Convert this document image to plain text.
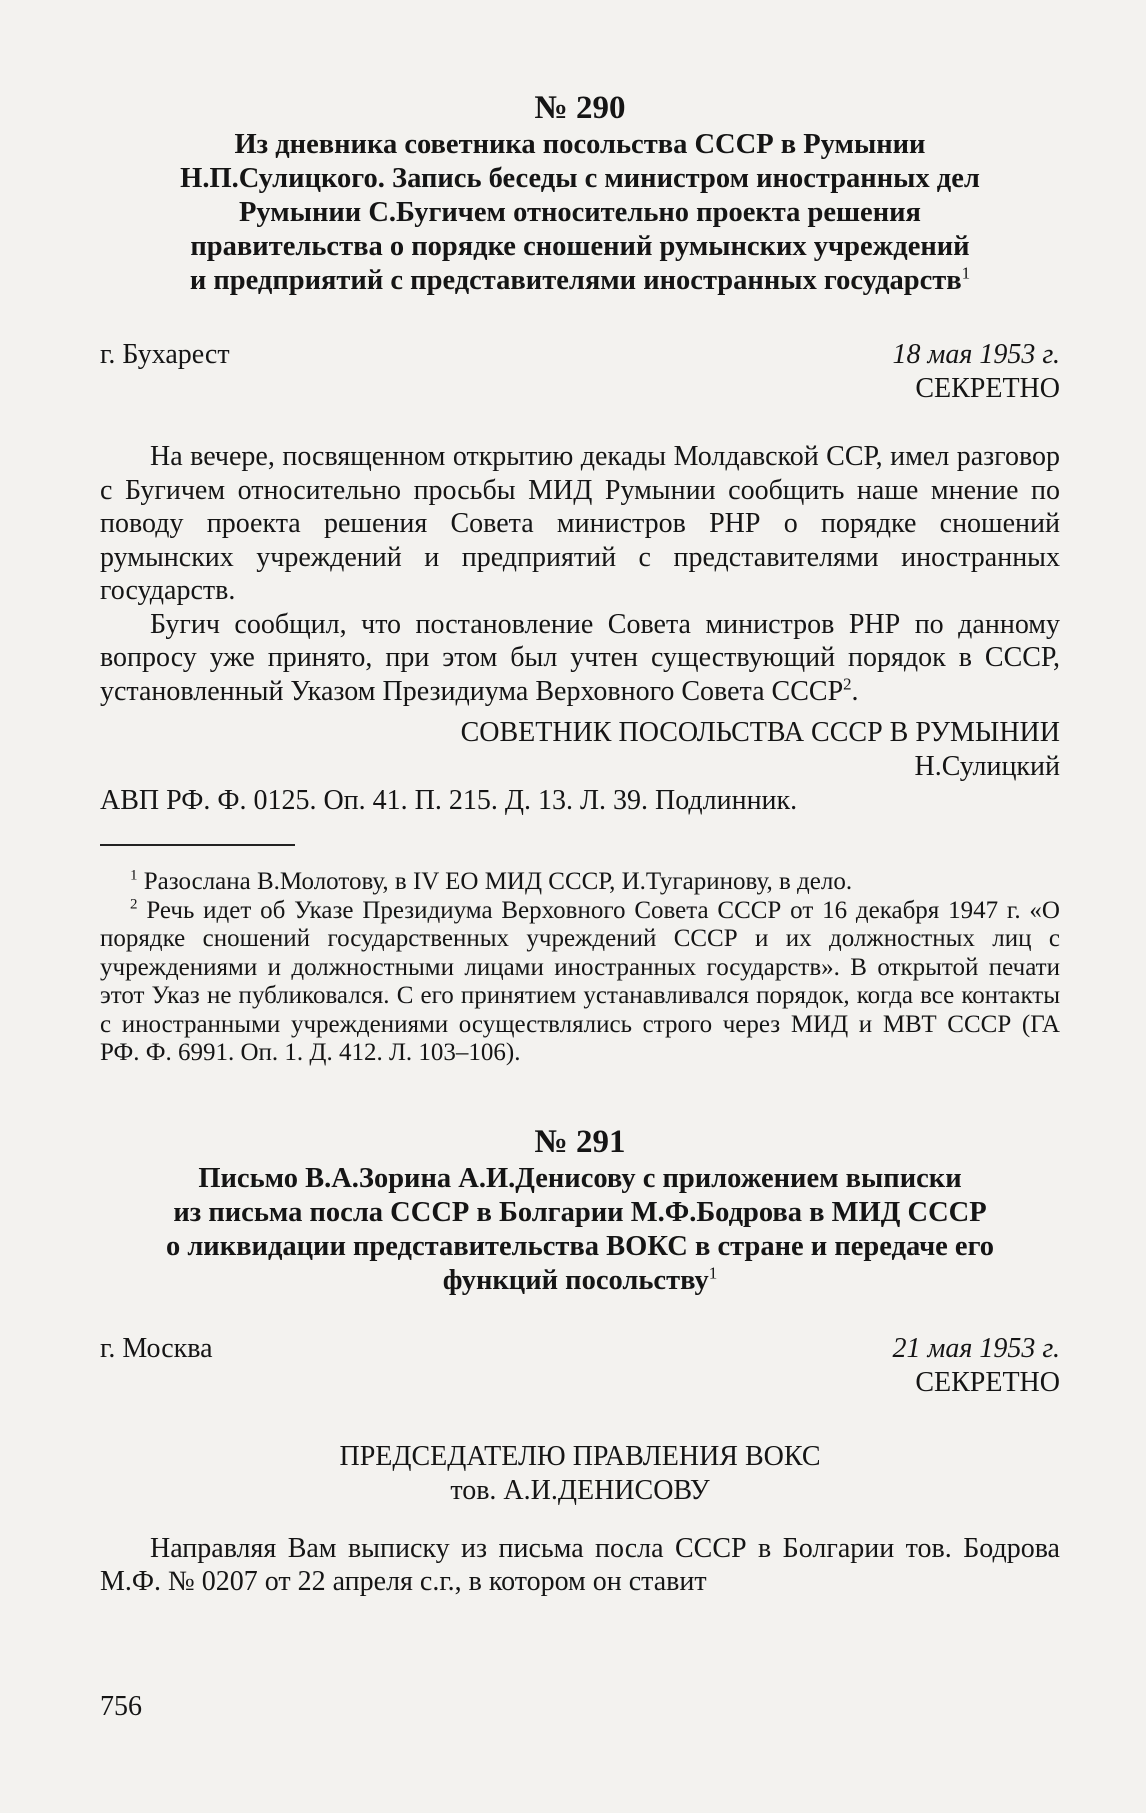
№ 290
Из дневника советника посольства СССР в Румынии
Н.П.Сулицкого. Запись беседы с министром иностранных дел
Румынии С.Бугичем относительно проекта решения
правительства о порядке сношений румынских учреждений
и предприятий с представителями иностранных государств$^1$
г. Бухарест	18 мая 1953 г.
СЕКРЕТНО

На вечере, посвященном открытию декады Молдавской ССР, имел разговор с Бугичем относительно просьбы МИД Румынии сообщить наше мнение по поводу проекта решения Совета министров РНР о порядке сношений румынских учреждений и предприятий с представителями иностранных государств.

Бугич сообщил, что постановление Совета министров РНР по данному вопросу уже принято, при этом был учтен существующий порядок в СССР, установленный Указом Президиума Верховного Совета СССР$^2$.

СОВЕТНИК ПОСОЛЬСТВА СССР В РУМЫНИИ
Н.Сулицкий
АВП РФ. Ф. 0125. Оп. 41. П. 215. Д. 13. Л. 39. Подлинник.

$^1$ Разослана В.Молотову, в IV ЕО МИД СССР, И.Тугаринову, в дело.

$^2$ Речь идет об Указе Президиума Верховного Совета СССР от 16 декабря 1947 г. «О порядке сношений государственных учреждений СССР и их должностных лиц с учреждениями и должностными лицами иностранных государств». В открытой печати этот Указ не публиковался. С его принятием устанавливался порядок, когда все контакты с иностранными учреждениями осуществлялись строго через МИД и МВТ СССР (ГА РФ. Ф. 6991. Оп. 1. Д. 412. Л. 103–106).

№ 291
Письмо В.А.Зорина А.И.Денисову с приложением выписки
из письма посла СССР в Болгарии М.Ф.Бодрова в МИД СССР
о ликвидации представительства ВОКС в стране и передаче его
функций посольству$^1$
г. Москва	21 мая 1953 г.
СЕКРЕТНО
ПРЕДСЕДАТЕЛЮ ПРАВЛЕНИЯ ВОКС
тов. А.И.ДЕНИСОВУ

Направляя Вам выписку из письма посла СССР в Болгарии тов. Бодрова М.Ф. № 0207 от 22 апреля с.г., в котором он ставит

756
